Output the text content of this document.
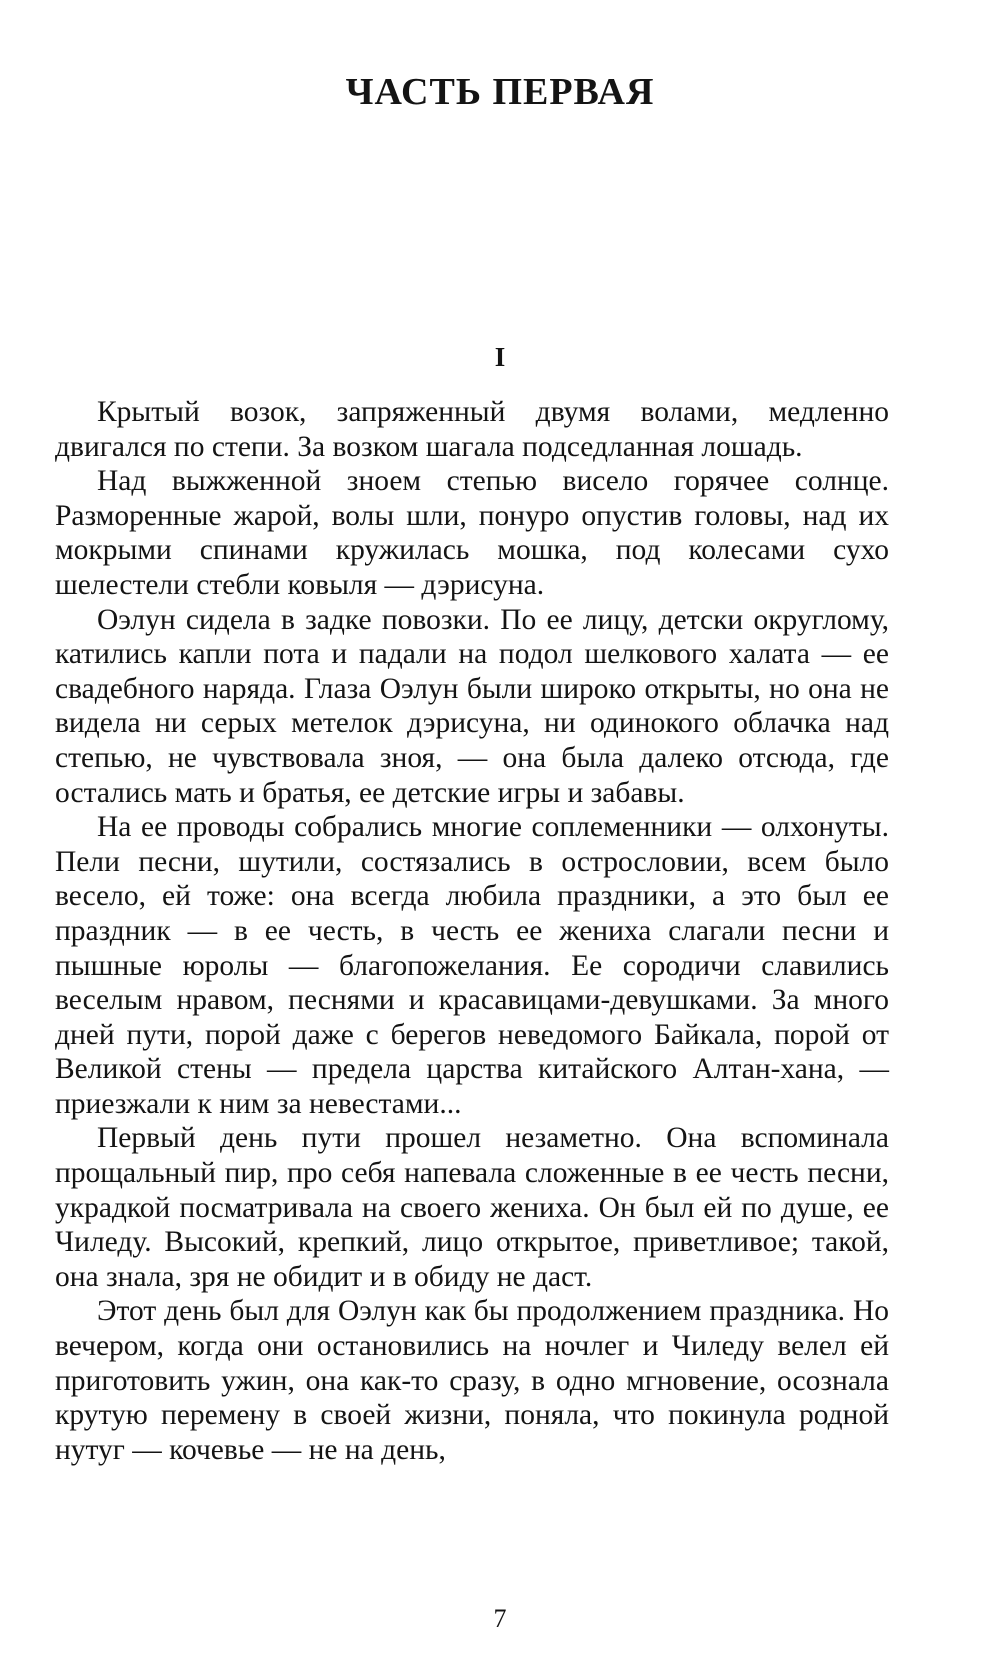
ЧАСТЬ ПЕРВАЯ
I

Крытый возок, запряженный двумя волами, медленно двигался по степи. За возком шагала подседланная лошадь.

Над выжженной зноем степью висело горячее солнце. Разморенные жарой, волы шли, понуро опустив головы, над их мокрыми спинами кружилась мошка, под колесами сухо шелестели стебли ковыля — дэрисуна.

Оэлун сидела в задке повозки. По ее лицу, детски округлому, катились капли пота и падали на подол шелкового халата — ее свадебного наряда. Глаза Оэлун были широко открыты, но она не видела ни серых метелок дэрисуна, ни одинокого облачка над степью, не чувствовала зноя, — она была далеко отсюда, где остались мать и братья, ее детские игры и забавы.

На ее проводы собрались многие соплеменники — олхонуты. Пели песни, шутили, состязались в острословии, всем было весело, ей тоже: она всегда любила праздники, а это был ее праздник — в ее честь, в честь ее жениха слагали песни и пышные юролы — благопожелания. Ее сородичи славились веселым нравом, песнями и красавицами-девушками. За много дней пути, порой даже с берегов неведомого Байкала, порой от Великой стены — предела царства китайского Алтан-хана, — приезжали к ним за невестами...

Первый день пути прошел незаметно. Она вспоминала прощальный пир, про себя напевала сложенные в ее честь песни, украдкой посматривала на своего жениха. Он был ей по душе, ее Чиледу. Высокий, крепкий, лицо открытое, приветливое; такой, она знала, зря не обидит и в обиду не даст.

Этот день был для Оэлун как бы продолжением праздника. Но вечером, когда они остановились на ночлег и Чиледу велел ей приготовить ужин, она как-то сразу, в одно мгновение, осознала крутую перемену в своей жизни, поняла, что покинула родной нутуг — кочевье — не на день,

7
